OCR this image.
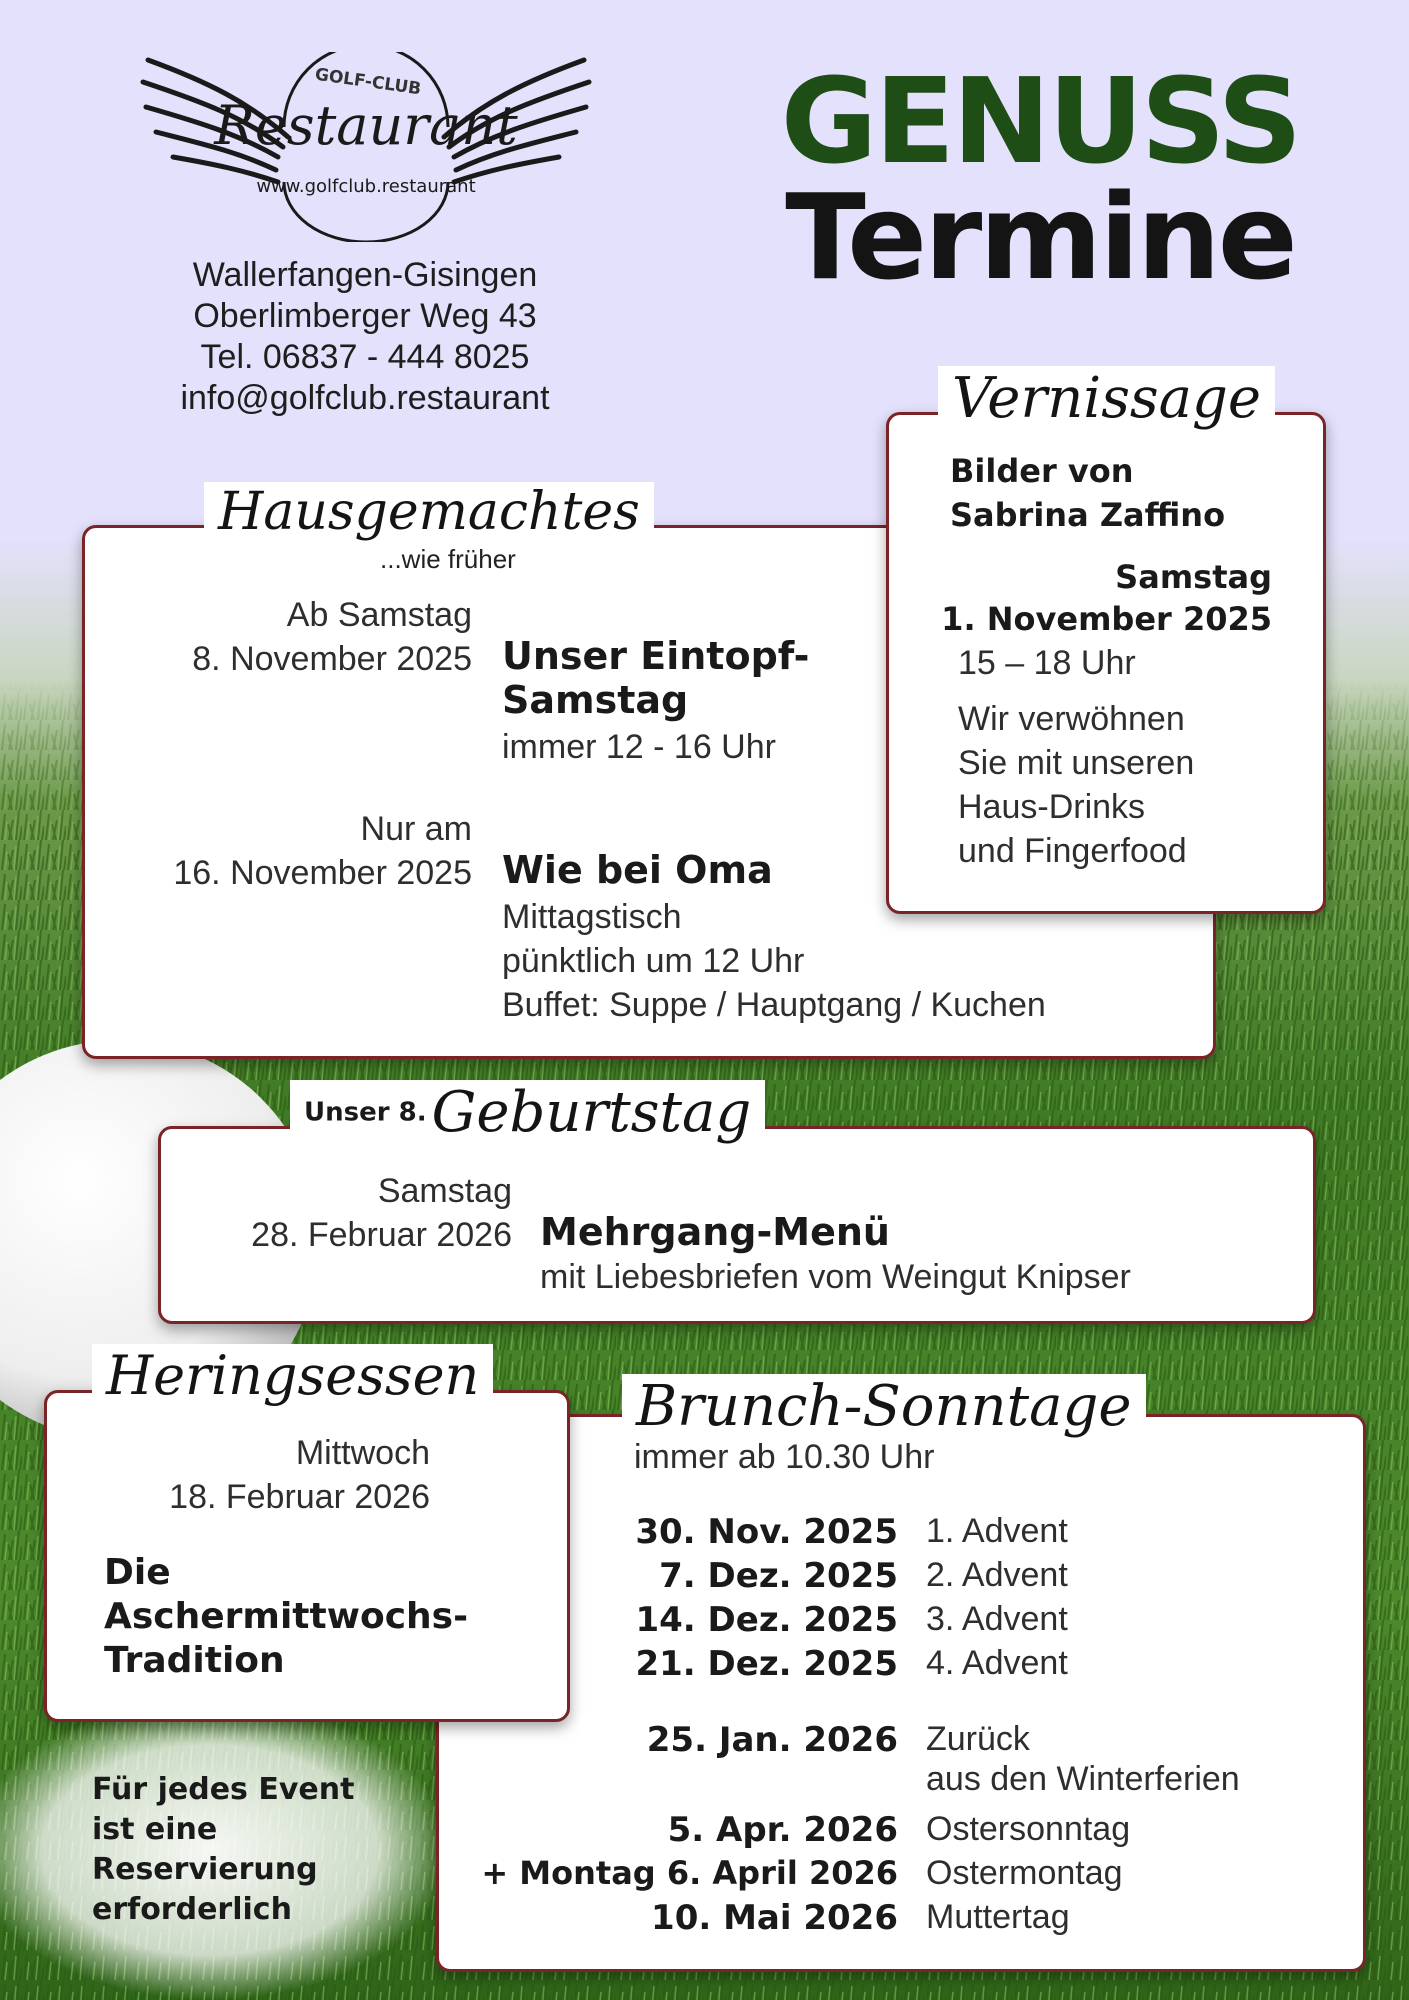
GOLF-CLUB
Restaurant
www.golfclub.restaurant
Wallerfangen-Gisingen
Oberlimberger Weg 43
Tel. 06837 - 444 8025
info@golfclub.restaurant
GENUSS
Termine
Hausgemachtes
...wie früher
Ab Samstag
8. November 2025 Unser Eintopf-
Samstag
immer 12 - 16 Uhr
Nur am
16. November 2025 Wie bei Oma
Mittagstisch
pünktlich um 12 Uhr
Buffet: Suppe / Hauptgang / Kuchen
Vernissage
Bilder von
Sabrina Zaffino
Samstag
1. November 2025
15 – 18 Uhr
Wir verwöhnen
Sie mit unseren
Haus-Drinks
und Fingerfood
Unser 8. Geburtstag
Samstag
28. Februar 2026 Mehrgang-Menü
mit Liebesbriefen vom Weingut Knipser
Brunch-Sonntage
immer ab 10.30 Uhr
30. Nov. 2025 1. Advent
7. Dez. 2025 2. Advent
14. Dez. 2025 3. Advent
21. Dez. 2025 4. Advent
25. Jan. 2026 Zurück
aus den Winterferien
5. Apr. 2026 Ostersonntag
+ Montag 6. April 2026 Ostermontag
10. Mai 2026 Muttertag
Heringsessen
Mittwoch
18. Februar 2026
Die
Aschermittwochs-
Tradition
Für jedes Event
ist eine
Reservierung
erforderlich
